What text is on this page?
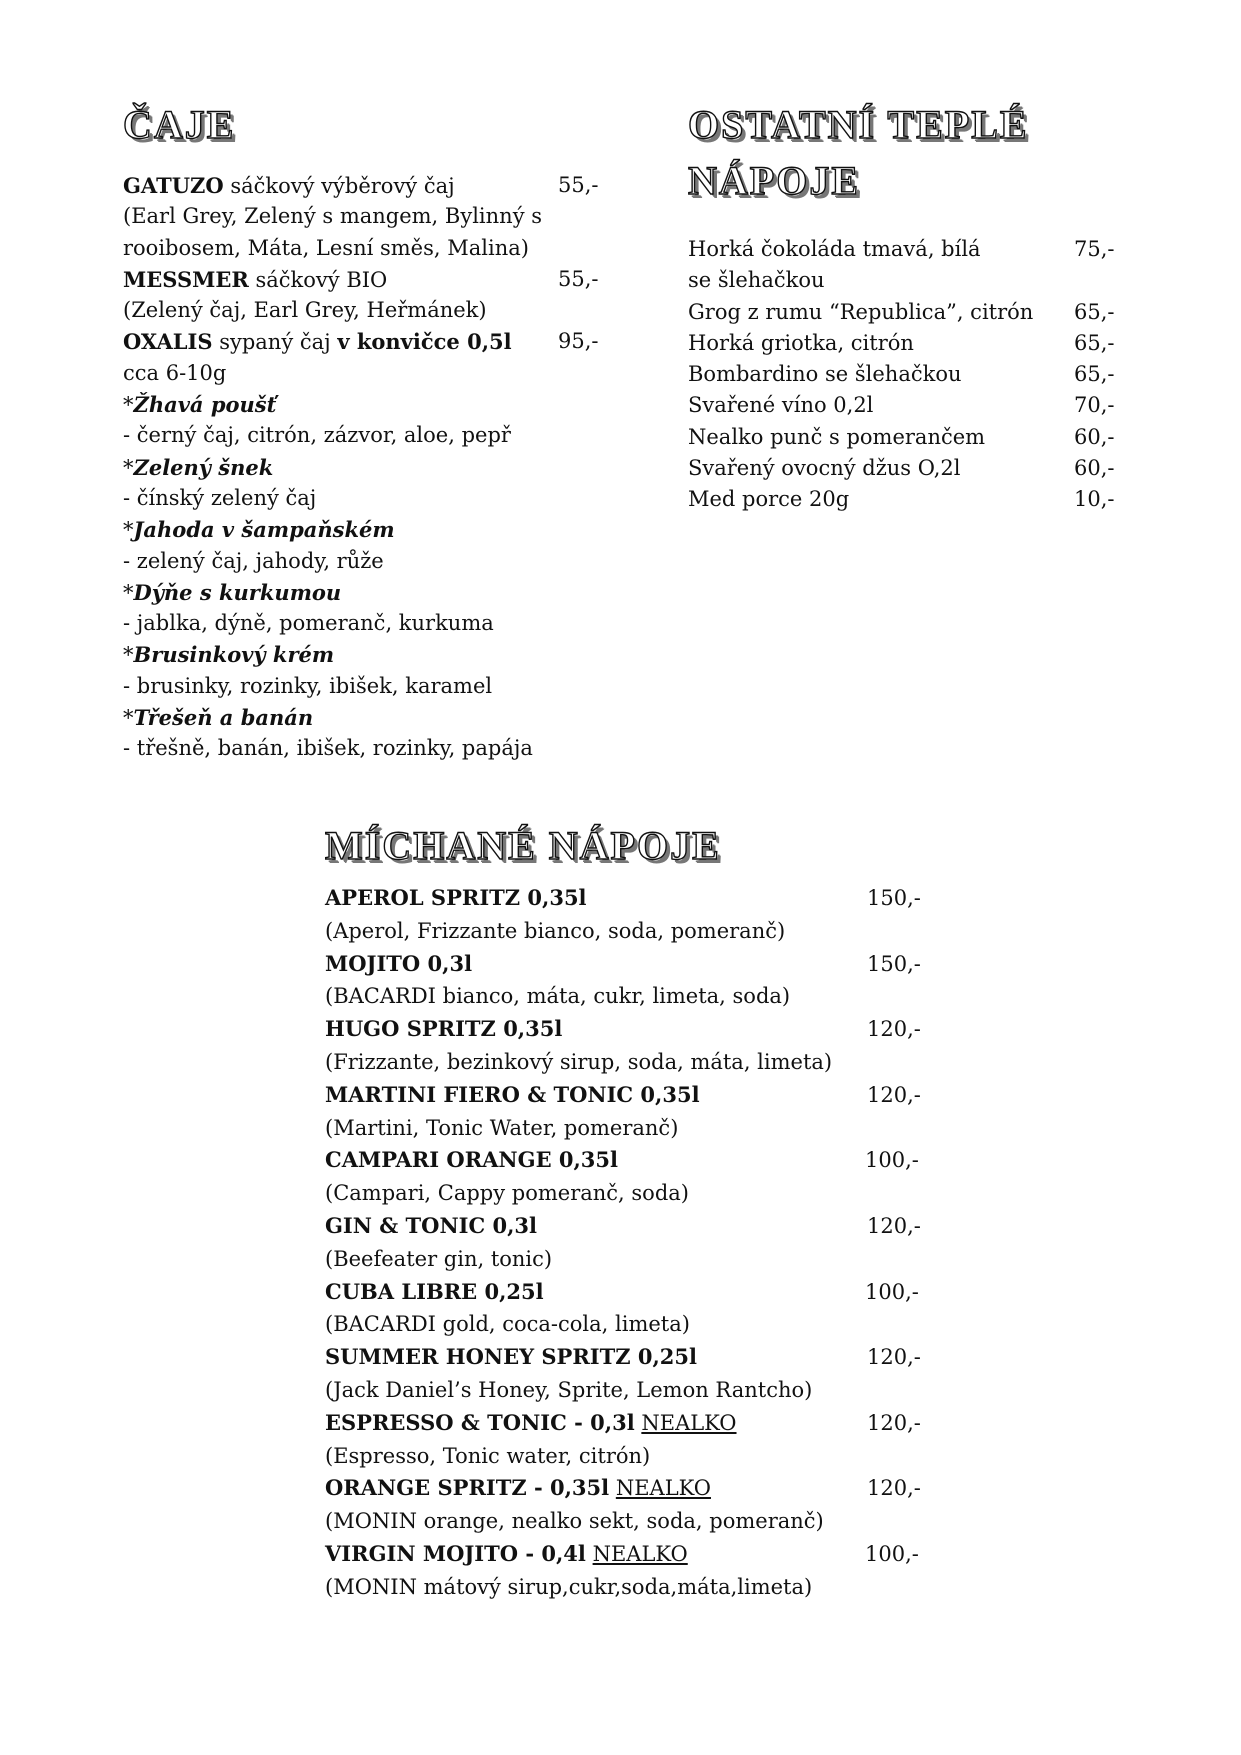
ČAJE
GATUZO sáčkový výběrový čaj	55,-
(Earl Grey, Zelený s mangem, Bylinný s
rooibosem, Máta, Lesní směs, Malina)
MESSMER sáčkový BIO	55,-
(Zelený čaj, Earl Grey, Heřmánek)
OXALIS sypaný čaj v konvičce 0,5l 95,-
cca 6-10g
*Žhavá poušť
- černý čaj, citrón, zázvor, aloe, pepř
*Zelený šnek
- čínský zelený čaj
*Jahoda v šampaňském
- zelený čaj, jahody, růže
*Dýňe s kurkumou
- jablka, dýně, pomeranč, kurkuma
*Brusinkový krém
- brusinky, rozinky, ibišek, karamel
*Třešeň a banán
- třešně, banán, ibišek, rozinky, papája
OSTATNÍ TEPLÉ
NÁPOJE
Horká čokoláda tmavá, bílá	75,-
se šlehačkou
Grog z rumu “Republica”, citrón 65,-
Horká griotka, citrón	65,-
Bombardino se šlehačkou	65,-
Svařené víno 0,2l	70,-
Nealko punč s pomerančem	60,-
Svařený ovocný džus O,2l	60,-
Med porce 20g	10,-
MÍCHANÉ NÁPOJE
APEROL SPRITZ 0,35l	150,-
(Aperol, Frizzante bianco, soda, pomeranč)
MOJITO 0,3l	150,-
(BACARDI bianco, máta, cukr, limeta, soda)
HUGO SPRITZ 0,35l	120,-
(Frizzante, bezinkový sirup, soda, máta, limeta)
MARTINI FIERO & TONIC 0,35l	120,-
(Martini, Tonic Water, pomeranč)
CAMPARI ORANGE 0,35l	100,-
(Campari, Cappy pomeranč, soda)
GIN & TONIC 0,3l	120,-
(Beefeater gin, tonic)
CUBA LIBRE 0,25l	100,-
(BACARDI gold, coca-cola, limeta)
SUMMER HONEY SPRITZ 0,25l	120,-
(Jack Daniel’s Honey, Sprite, Lemon Rantcho)
ESPRESSO & TONIC - 0,3l NEALKO	120,-
(Espresso, Tonic water, citrón)
ORANGE SPRITZ - 0,35l NEALKO	120,-
(MONIN orange, nealko sekt, soda, pomeranč)
VIRGIN MOJITO - 0,4l NEALKO	100,-
(MONIN mátový sirup,cukr,soda,máta,limeta)
